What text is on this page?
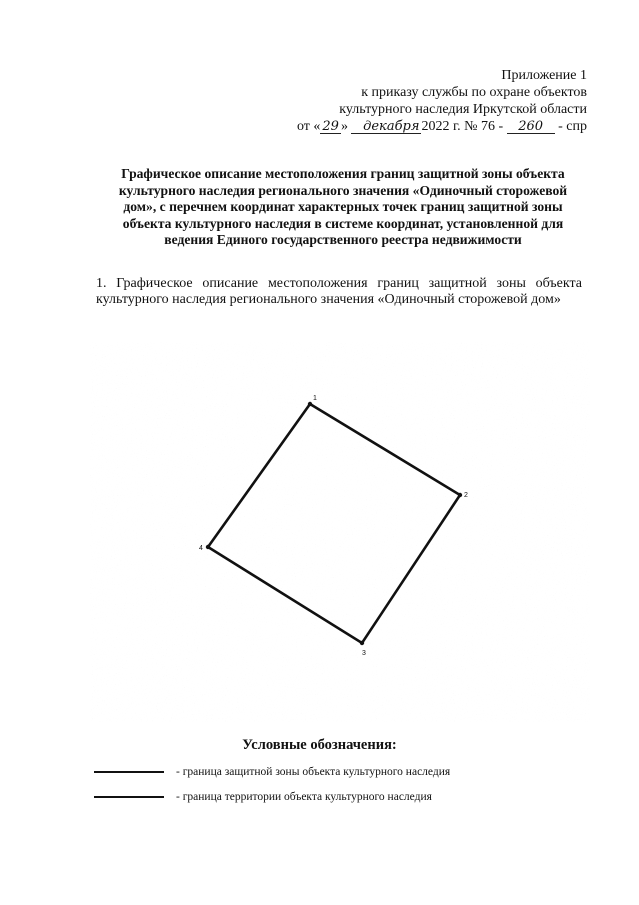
Приложение 1
к приказу службы по охране объектов
культурного наследия Иркутской области
от « 29 » декабря 2022 г. № 76 - 260 - спр
Графическое описание местоположения границ защитной зоны объекта культурного наследия регионального значения «Одиночный сторожевой дом», с перечнем координат характерных точек границ защитной зоны объекта культурного наследия в системе координат, установленной для ведения Единого государственного реестра недвижимости
1. Графическое описание местоположения границ защитной зоны объекта культурного наследия регионального значения «Одиночный сторожевой дом»
1
2
3
4
Условные обозначения:
- граница защитной зоны объекта культурного наследия
- граница территории объекта культурного наследия
